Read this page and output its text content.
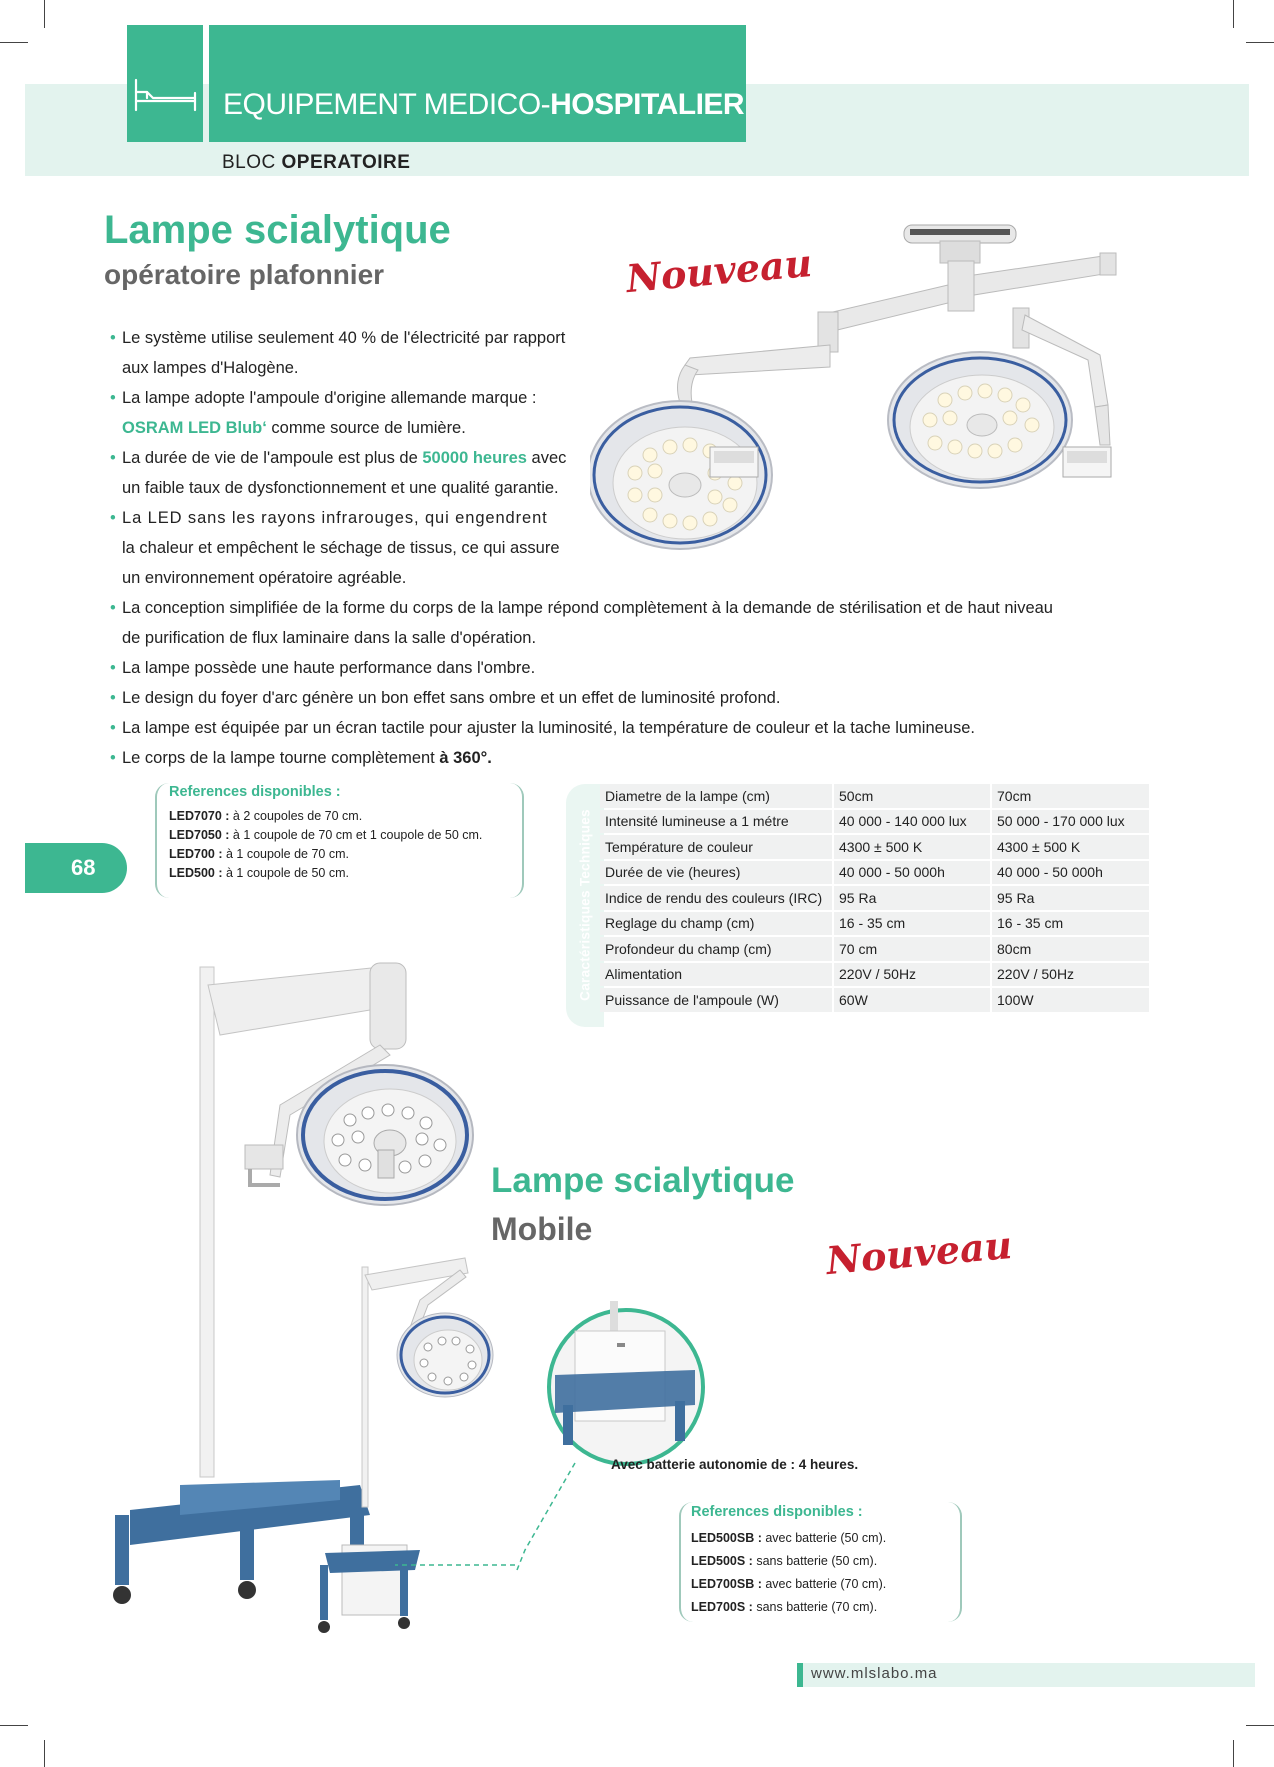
EQUIPEMENT MEDICO-HOSPITALIER
BLOC OPERATOIRE
Lampe scialytique
opératoire plafonnier	Nouveau
• Le système utilise seulement 40 % de l'électricité par rapport
aux lampes d'Halogène.
• La lampe adopte l'ampoule d'origine allemande marque :
OSRAM LED Blub‘ comme source de lumière.
• La durée de vie de l'ampoule est plus de 50000 heures avec
un faible taux de dysfonctionnement et une qualité garantie.
• La LED sans les rayons infrarouges, qui engendrent
la chaleur et empêchent le séchage de tissus, ce qui assure
un environnement opératoire agréable.
• La conception simplifiée de la forme du corps de la lampe répond complètement à la demande de stérilisation et de haut niveau
de purification de flux laminaire dans la salle d'opération.
• La lampe possède une haute performance dans l'ombre.
• Le design du foyer d'arc génère un bon effet sans ombre et un effet de luminosité profond.
• La lampe est équipée par un écran tactile pour ajuster la luminosité, la température de couleur et la tache lumineuse.
• Le corps de la lampe tourne complètement à 360°.
68
References disponibles :
LED7070 : à 2 coupoles de 70 cm.
LED7050 : à 1 coupole de 70 cm et 1 coupole de 50 cm.
LED700 : à 1 coupole de 70 cm.
LED500 : à 1 coupole de 50 cm.	Caractéristiques Techniques
Diametre de la lampe (cm)	50cm	70cm
Intensité lumineuse a 1 métre	40 000 - 140 000 lux	50 000 - 170 000 lux
Température de couleur	4300 ± 500 K	4300 ± 500 K
Durée de vie (heures)	40 000 - 50 000h	40 000 - 50 000h
Indice de rendu des couleurs (IRC)	95 Ra	95 Ra
Reglage du champ (cm)	16 - 35 cm	16 - 35 cm
Profondeur du champ (cm)	70 cm	80cm
Alimentation	220V / 50Hz	220V / 50Hz
Puissance de l'ampoule (W)	60W	100W
Lampe scialytique
Mobile	Nouveau
Avec batterie autonomie de : 4 heures.
References disponibles :
LED500SB : avec batterie (50 cm).
LED500S : sans batterie (50 cm).
LED700SB : avec batterie (70 cm).
LED700S : sans batterie (70 cm).
www.mlslabo.ma
